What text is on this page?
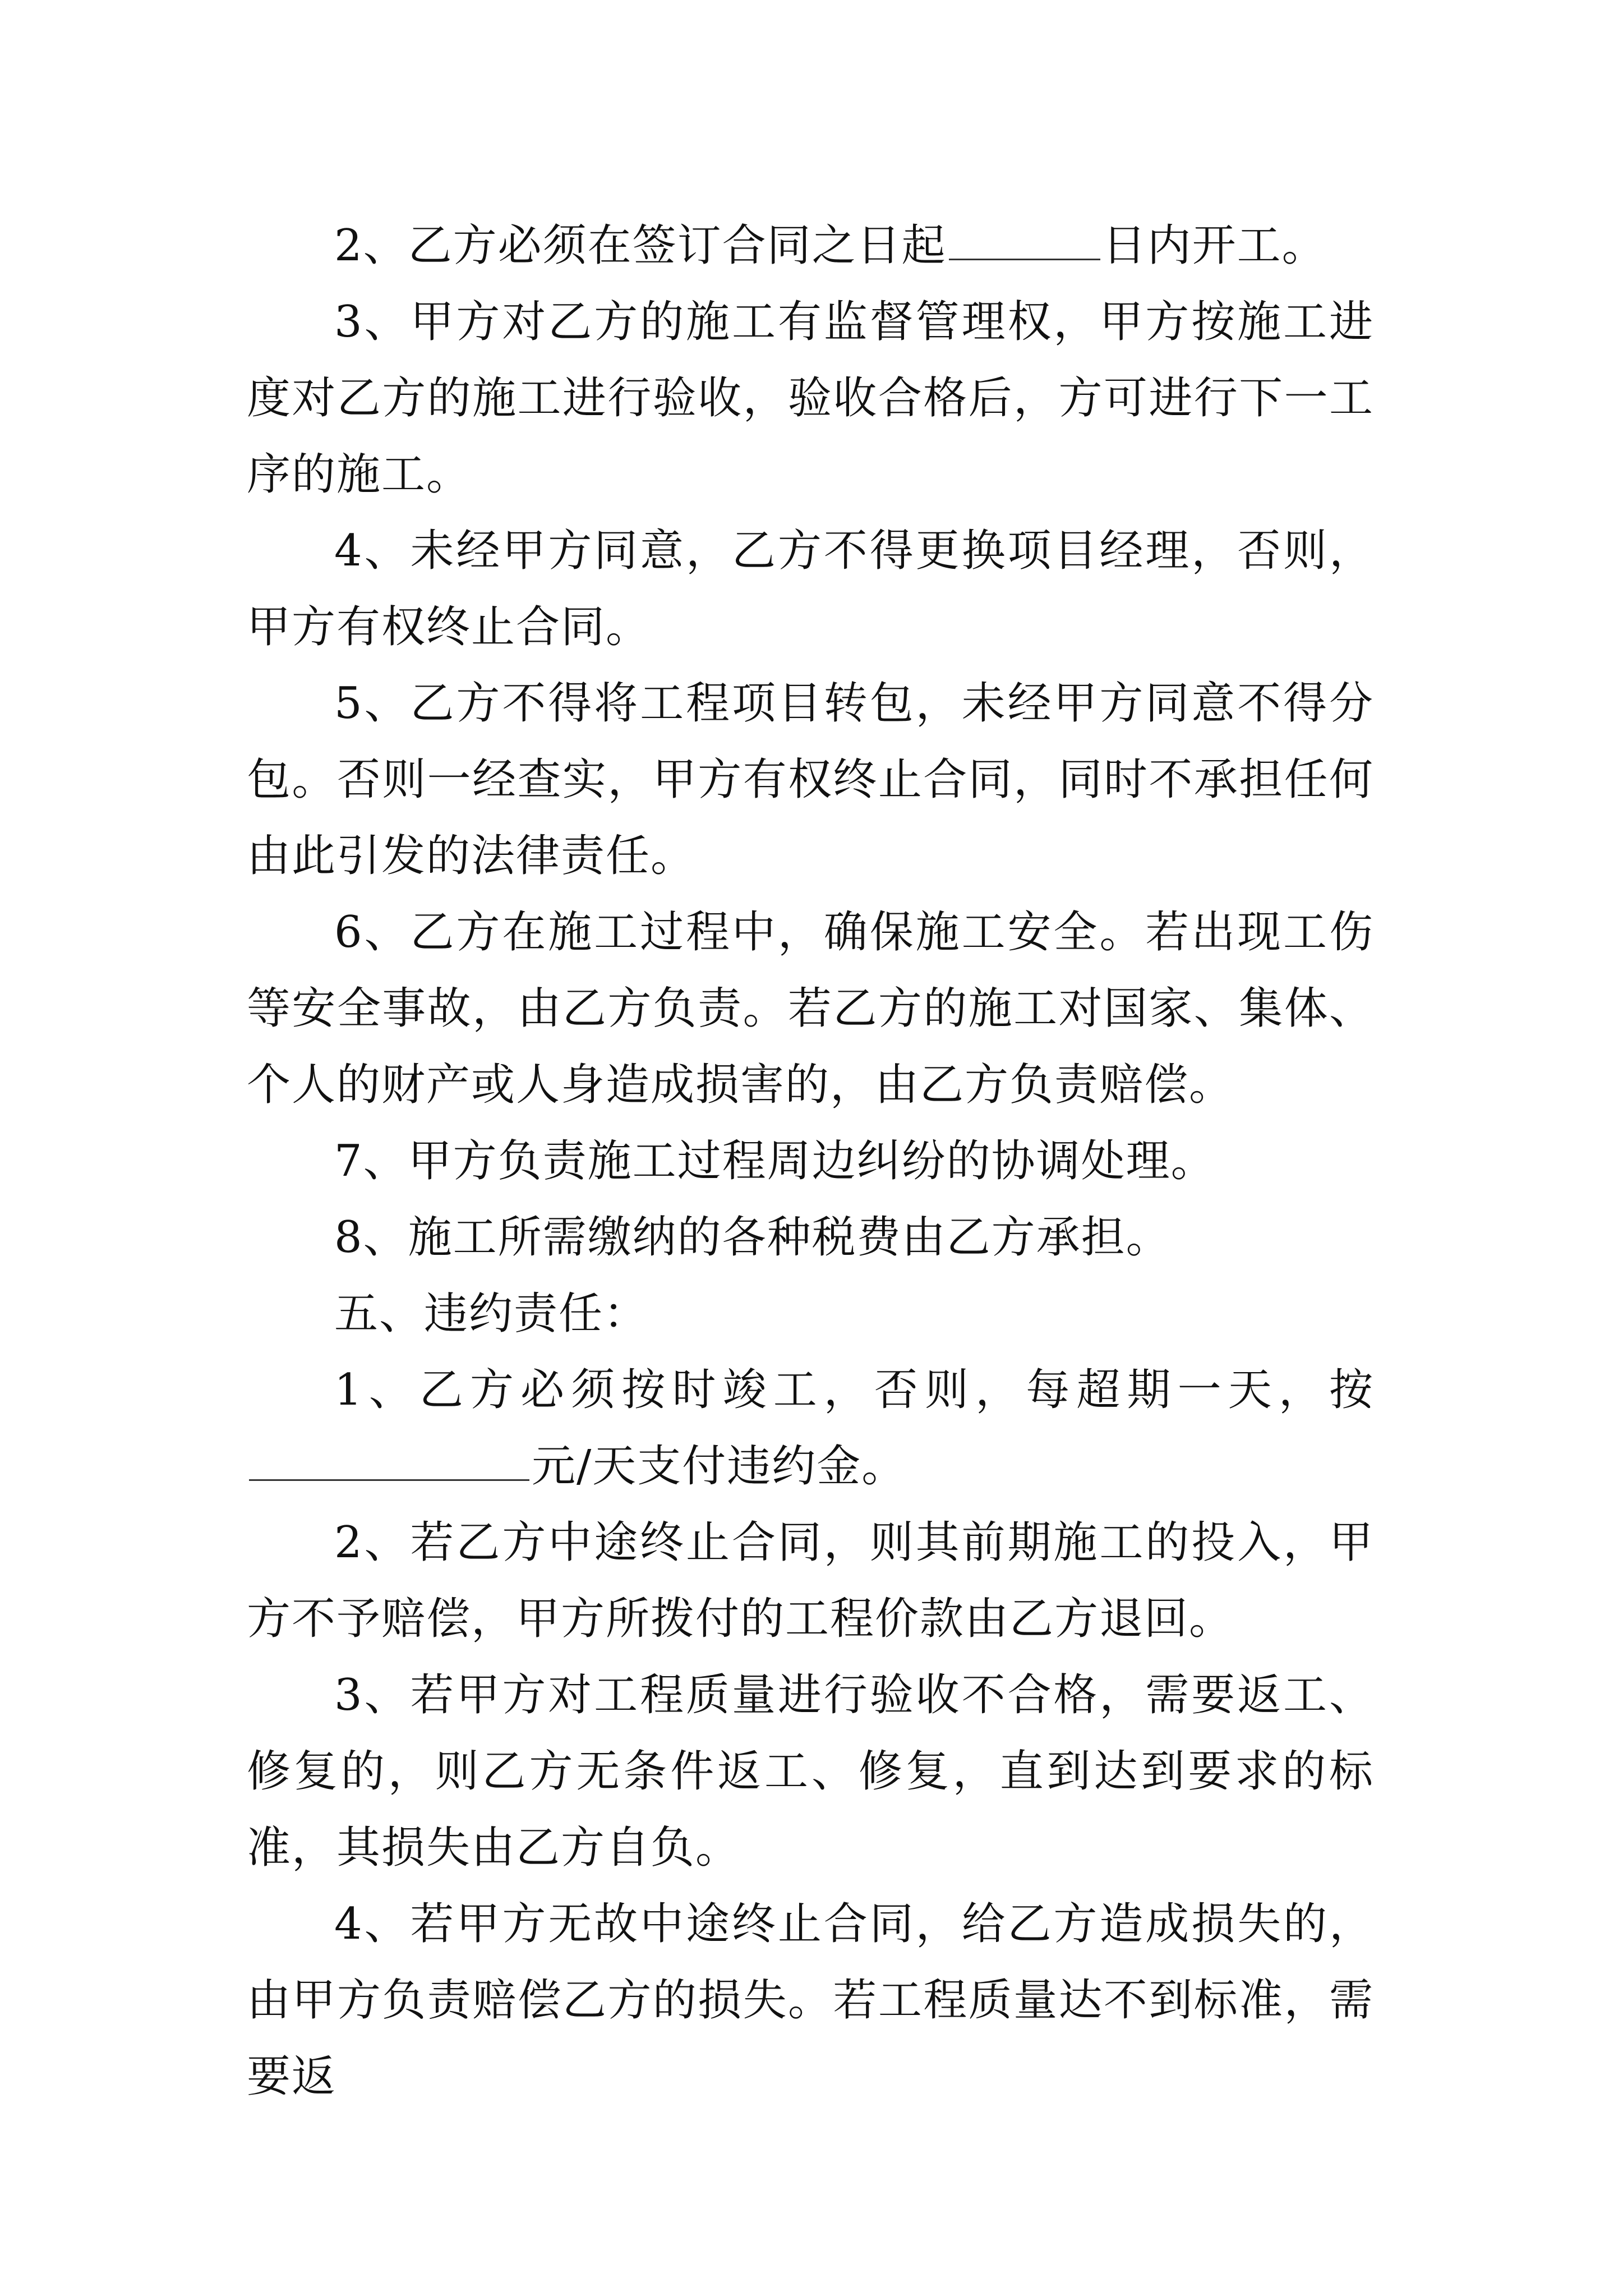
2、乙方必须在签订合同之日起	日内开工。

3、甲方对乙方的施工有监督管理权，甲方按施工进度对乙方的施工进行验收，验收合格后，方可进行下一工序的施工。

4、未经甲方同意，乙方不得更换项目经理，否则，甲方有权终止合同。

5、乙方不得将工程项目转包，未经甲方同意不得分包。否则一经查实，甲方有权终止合同，同时不承担任何由此引发的法律责任。

6、乙方在施工过程中，确保施工安全。若出现工伤等安全事故，由乙方负责。若乙方的施工对国家、集体、个人的财产或人身造成损害的，由乙方负责赔偿。

7、甲方负责施工过程周边纠纷的协调处理。

8、施工所需缴纳的各种税费由乙方承担。

五、违约责任：

1、乙方必须按时竣工，否则，每超期一天，按元/天支付违约金。

2、若乙方中途终止合同，则其前期施工的投入，甲方不予赔偿，甲方所拨付的工程价款由乙方退回。

3、若甲方对工程质量进行验收不合格，需要返工、修复的，则乙方无条件返工、修复，直到达到要求的标准，其损失由乙方自负。

4、若甲方无故中途终止合同，给乙方造成损失的，由甲方负责赔偿乙方的损失。若工程质量达不到标准，需要返
